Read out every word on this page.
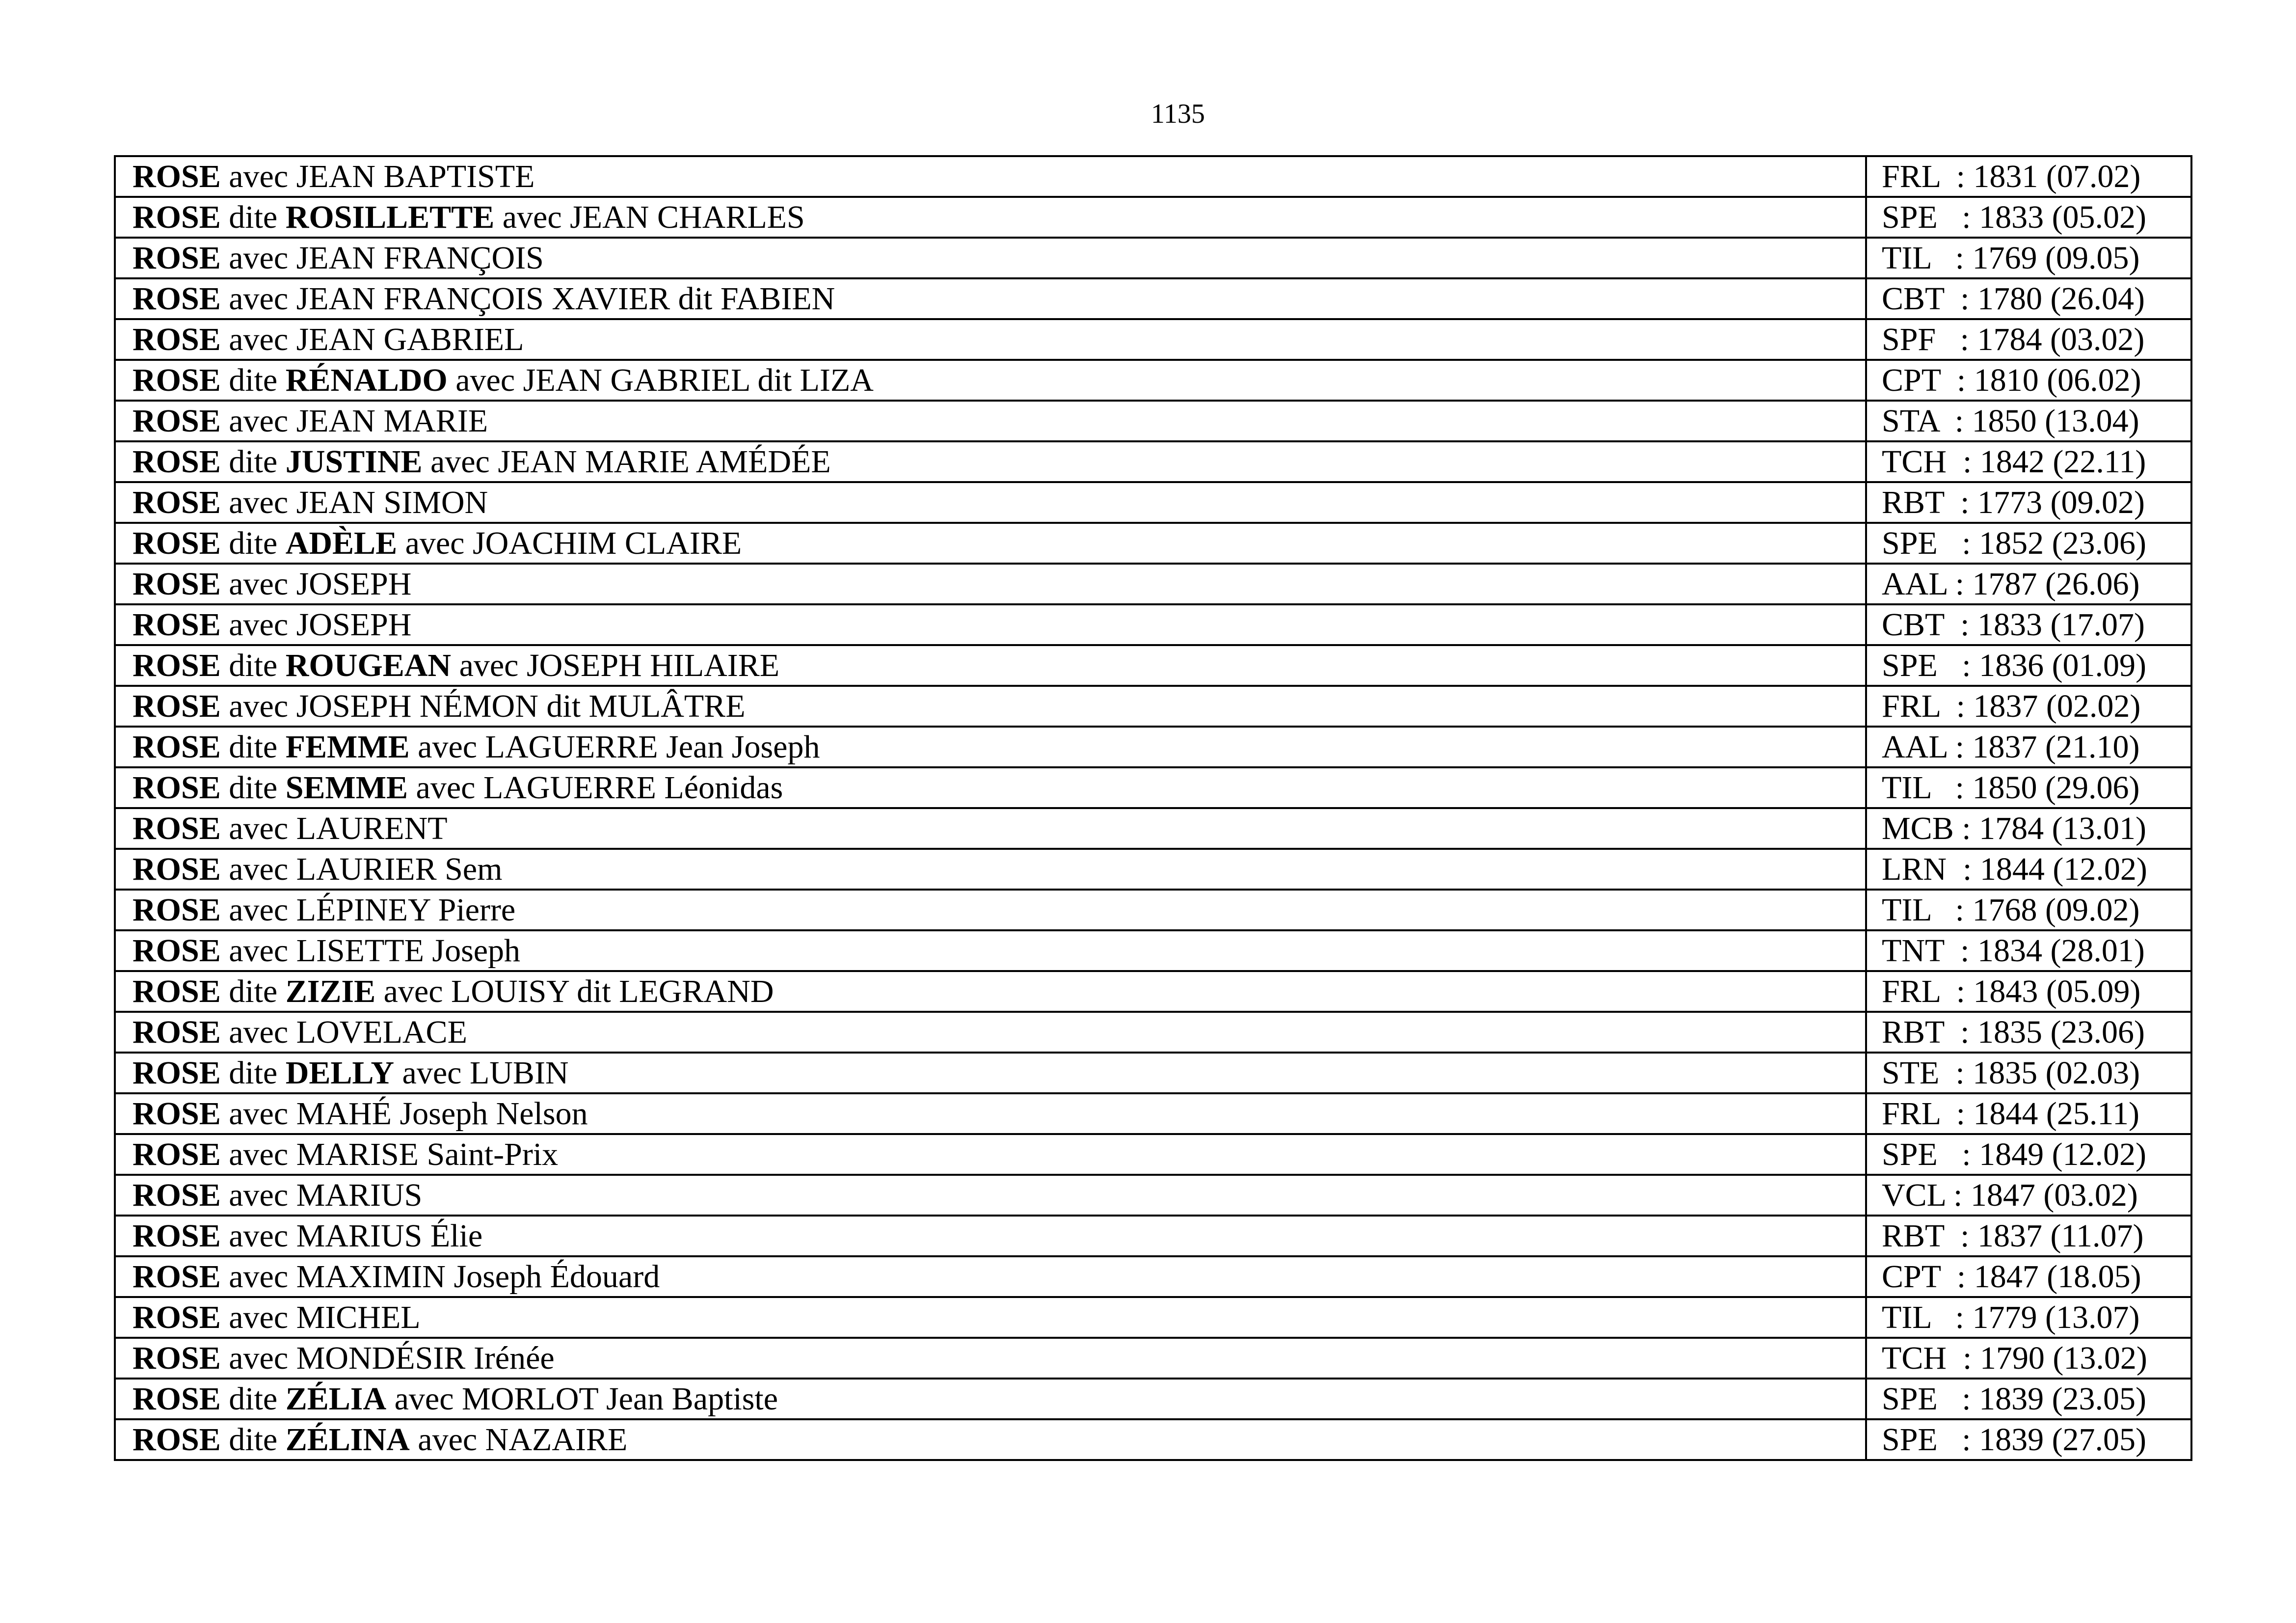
1135
ROSE avec JEAN BAPTISTE	FRL  : 1831 (07.02)
ROSE dite ROSILLETTE avec JEAN CHARLES	SPE   : 1833 (05.02)
ROSE avec JEAN FRANÇOIS	TIL   : 1769 (09.05)
ROSE avec JEAN FRANÇOIS XAVIER dit FABIEN	CBT  : 1780 (26.04)
ROSE avec JEAN GABRIEL	SPF   : 1784 (03.02)
ROSE dite RÉNALDO avec JEAN GABRIEL dit LIZA	CPT  : 1810 (06.02)
ROSE avec JEAN MARIE	STA  : 1850 (13.04)
ROSE dite JUSTINE avec JEAN MARIE AMÉDÉE	TCH  : 1842 (22.11)
ROSE avec JEAN SIMON	RBT  : 1773 (09.02)
ROSE dite ADÈLE avec JOACHIM CLAIRE	SPE   : 1852 (23.06)
ROSE avec JOSEPH	AAL : 1787 (26.06)
ROSE avec JOSEPH	CBT  : 1833 (17.07)
ROSE dite ROUGEAN avec JOSEPH HILAIRE	SPE   : 1836 (01.09)
ROSE avec JOSEPH NÉMON dit MULÂTRE	FRL  : 1837 (02.02)
ROSE dite FEMME avec LAGUERRE Jean Joseph	AAL : 1837 (21.10)
ROSE dite SEMME avec LAGUERRE Léonidas	TIL   : 1850 (29.06)
ROSE avec LAURENT	MCB : 1784 (13.01)
ROSE avec LAURIER Sem	LRN  : 1844 (12.02)
ROSE avec LÉPINEY Pierre	TIL   : 1768 (09.02)
ROSE avec LISETTE Joseph	TNT  : 1834 (28.01)
ROSE dite ZIZIE avec LOUISY dit LEGRAND	FRL  : 1843 (05.09)
ROSE avec LOVELACE	RBT  : 1835 (23.06)
ROSE dite DELLY avec LUBIN	STE  : 1835 (02.03)
ROSE avec MAHÉ Joseph Nelson	FRL  : 1844 (25.11)
ROSE avec MARISE Saint-Prix	SPE   : 1849 (12.02)
ROSE avec MARIUS	VCL : 1847 (03.02)
ROSE avec MARIUS Élie	RBT  : 1837 (11.07)
ROSE avec MAXIMIN Joseph Édouard	CPT  : 1847 (18.05)
ROSE avec MICHEL	TIL   : 1779 (13.07)
ROSE avec MONDÉSIR Irénée	TCH  : 1790 (13.02)
ROSE dite ZÉLIA avec MORLOT Jean Baptiste	SPE   : 1839 (23.05)
ROSE dite ZÉLINA avec NAZAIRE	SPE   : 1839 (27.05)
